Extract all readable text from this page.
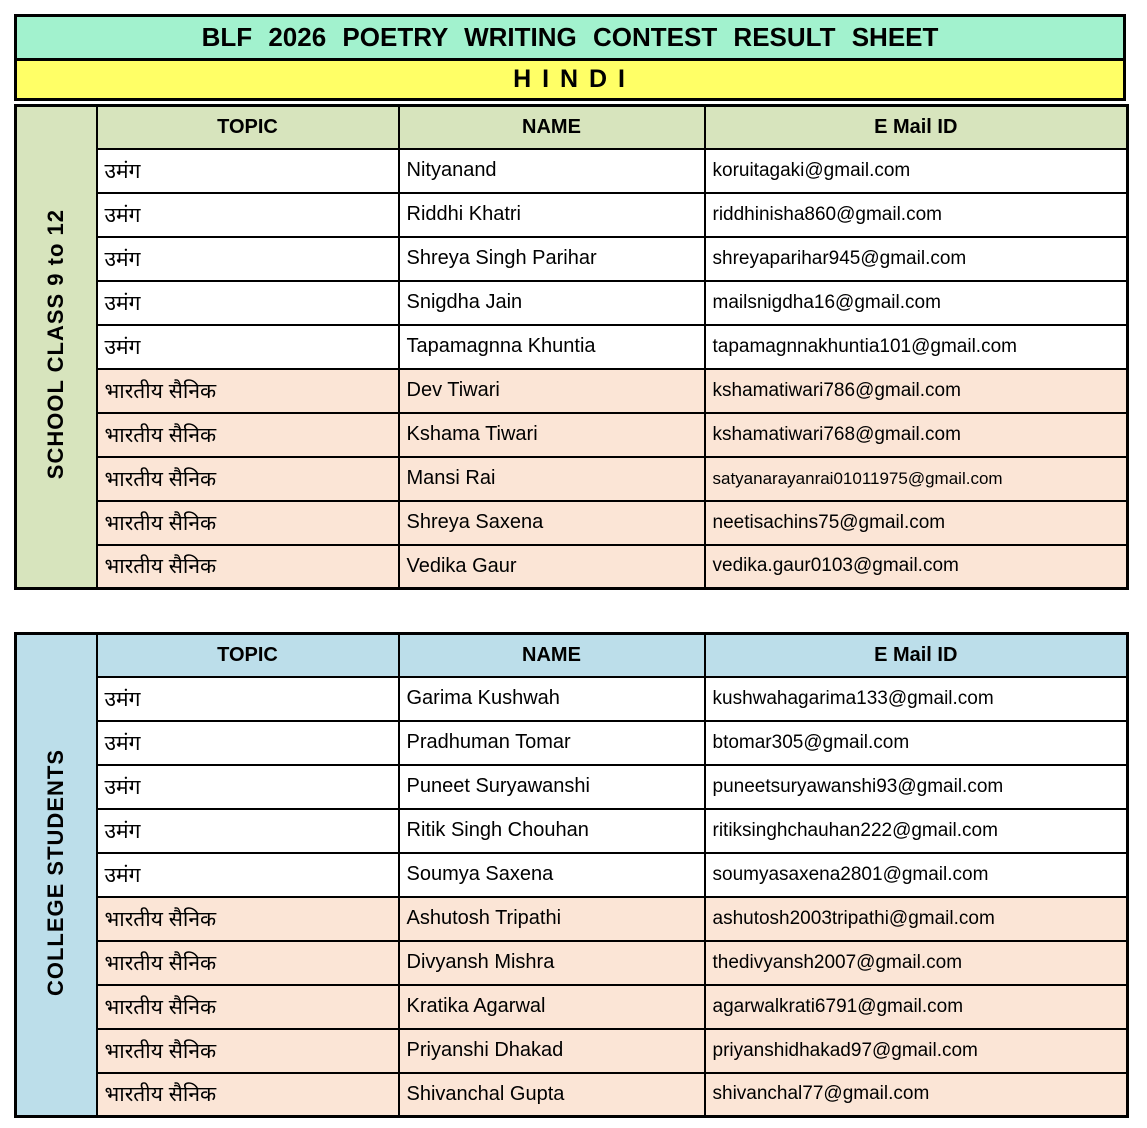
BLF 2026 POETRY WRITING CONTEST RESULT SHEET
H I N D I
SCHOOL CLASS 9 to 12	TOPIC	NAME	E Mail ID
	उमंग	Nityanand	koruitagaki@gmail.com
	उमंग	Riddhi Khatri	riddhinisha860@gmail.com
	उमंग	Shreya Singh Parihar	shreyaparihar945@gmail.com
	उमंग	Snigdha Jain	mailsnigdha16@gmail.com
	उमंग	Tapamagnna Khuntia	tapamagnnakhuntia101@gmail.com
	भारतीय सैनिक	Dev Tiwari	kshamatiwari786@gmail.com
	भारतीय सैनिक	Kshama Tiwari	kshamatiwari768@gmail.com
	भारतीय सैनिक	Mansi Rai	satyanarayanrai01011975@gmail.com
	भारतीय सैनिक	Shreya Saxena	neetisachins75@gmail.com
	भारतीय सैनिक	Vedika Gaur	vedika.gaur0103@gmail.com
COLLEGE STUDENTS	TOPIC	NAME	E Mail ID
	उमंग	Garima Kushwah	kushwahagarima133@gmail.com
	उमंग	Pradhuman Tomar	btomar305@gmail.com
	उमंग	Puneet Suryawanshi	puneetsuryawanshi93@gmail.com
	उमंग	Ritik Singh Chouhan	ritiksinghchauhan222@gmail.com
	उमंग	Soumya Saxena	soumyasaxena2801@gmail.com
	भारतीय सैनिक	Ashutosh Tripathi	ashutosh2003tripathi@gmail.com
	भारतीय सैनिक	Divyansh Mishra	thedivyansh2007@gmail.com
	भारतीय सैनिक	Kratika Agarwal	agarwalkrati6791@gmail.com
	भारतीय सैनिक	Priyanshi Dhakad	priyanshidhakad97@gmail.com
	भारतीय सैनिक	Shivanchal Gupta	shivanchal77@gmail.com
